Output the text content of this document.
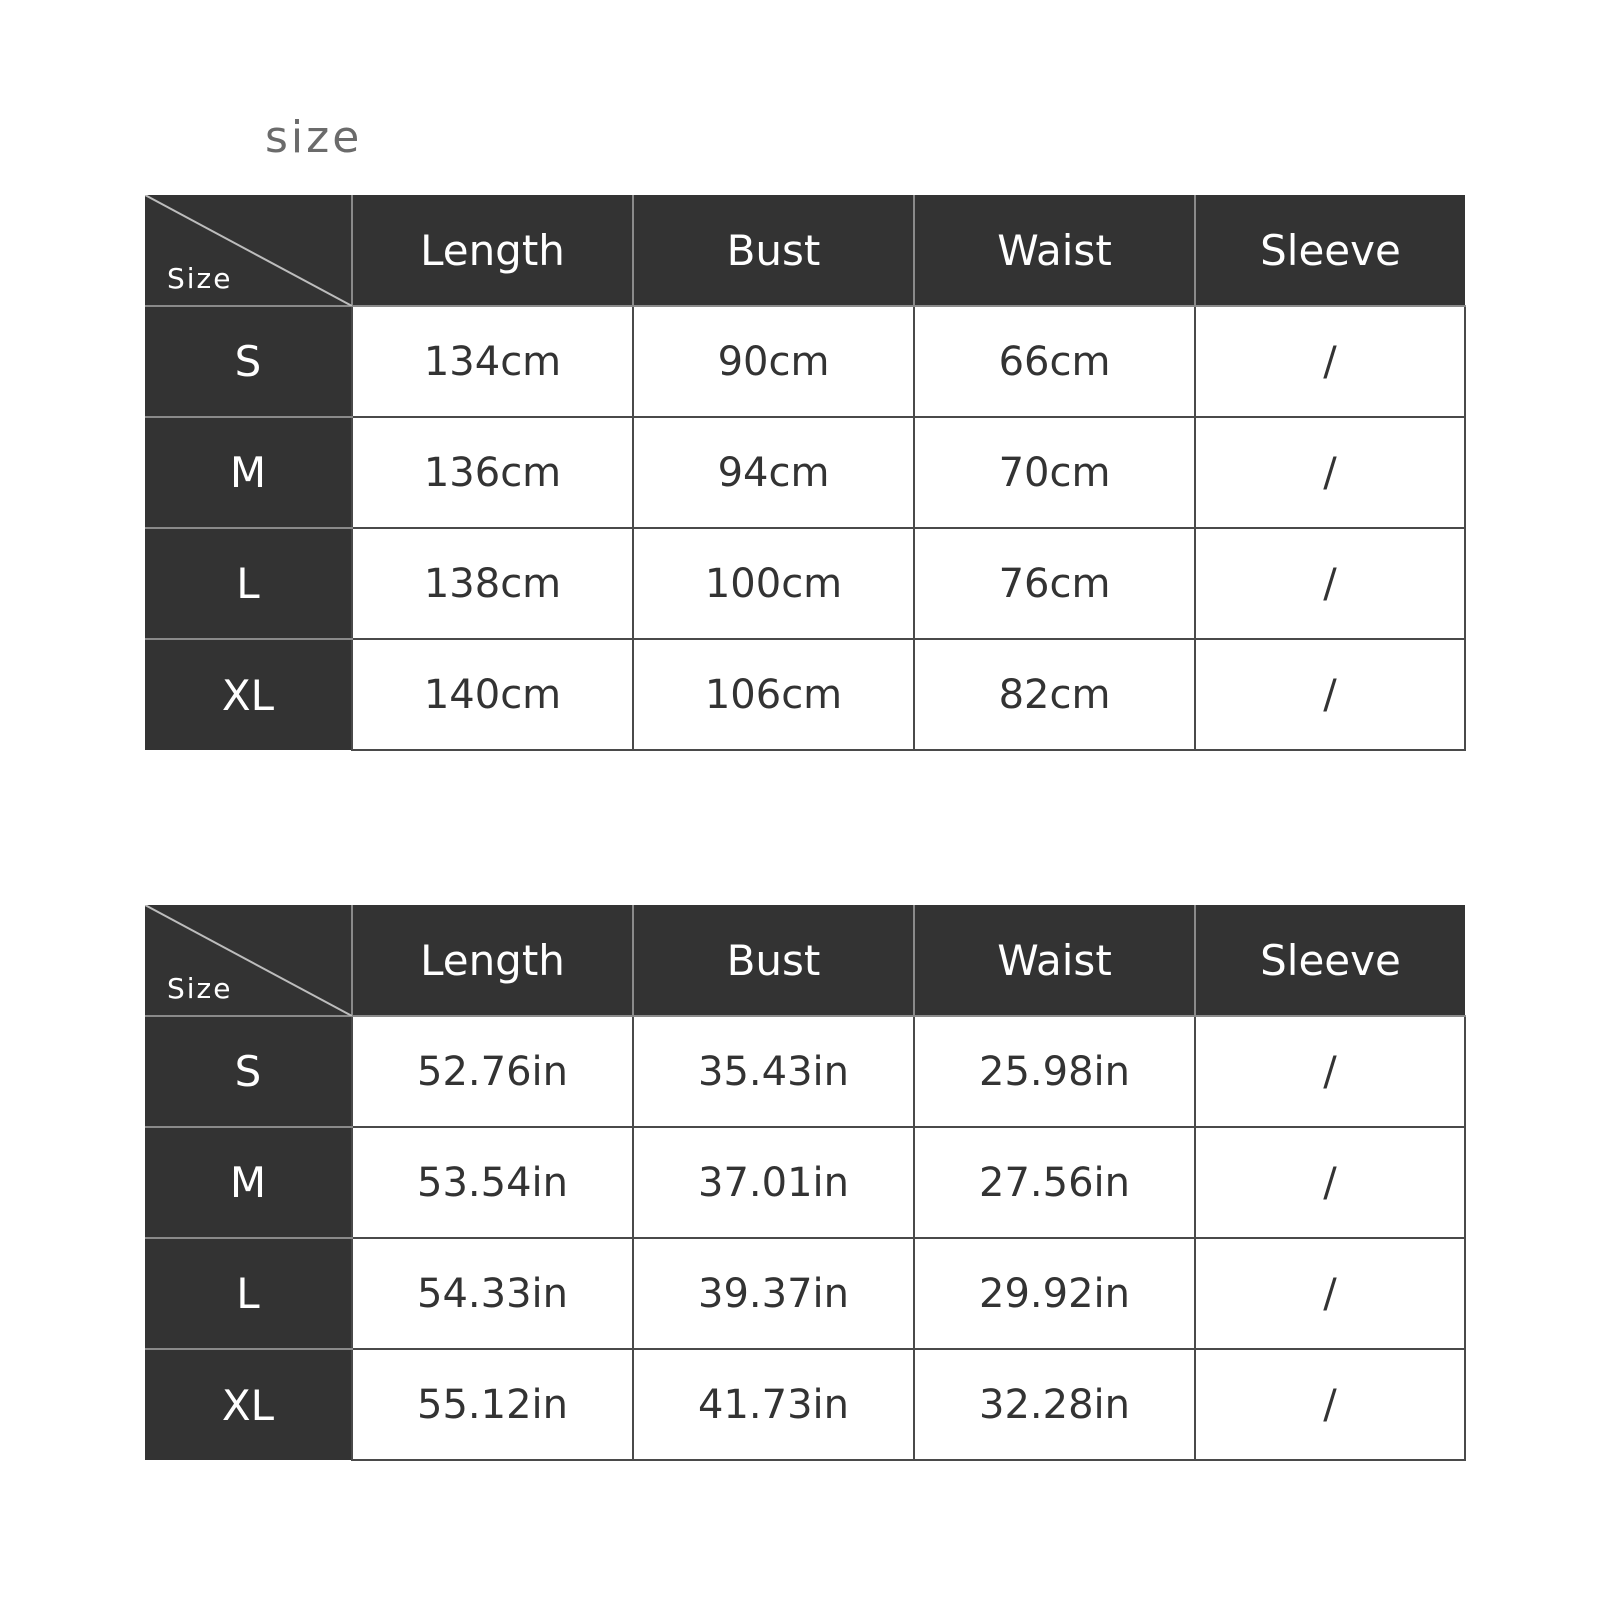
size
Size	Length	Bust	Waist	Sleeve
S	134cm	90cm	66cm	/
M	136cm	94cm	70cm	/
L	138cm	100cm	76cm	/
XL	140cm	106cm	82cm	/
Size	Length	Bust	Waist	Sleeve
S	52.76in	35.43in	25.98in	/
M	53.54in	37.01in	27.56in	/
L	54.33in	39.37in	29.92in	/
XL	55.12in	41.73in	32.28in	/
